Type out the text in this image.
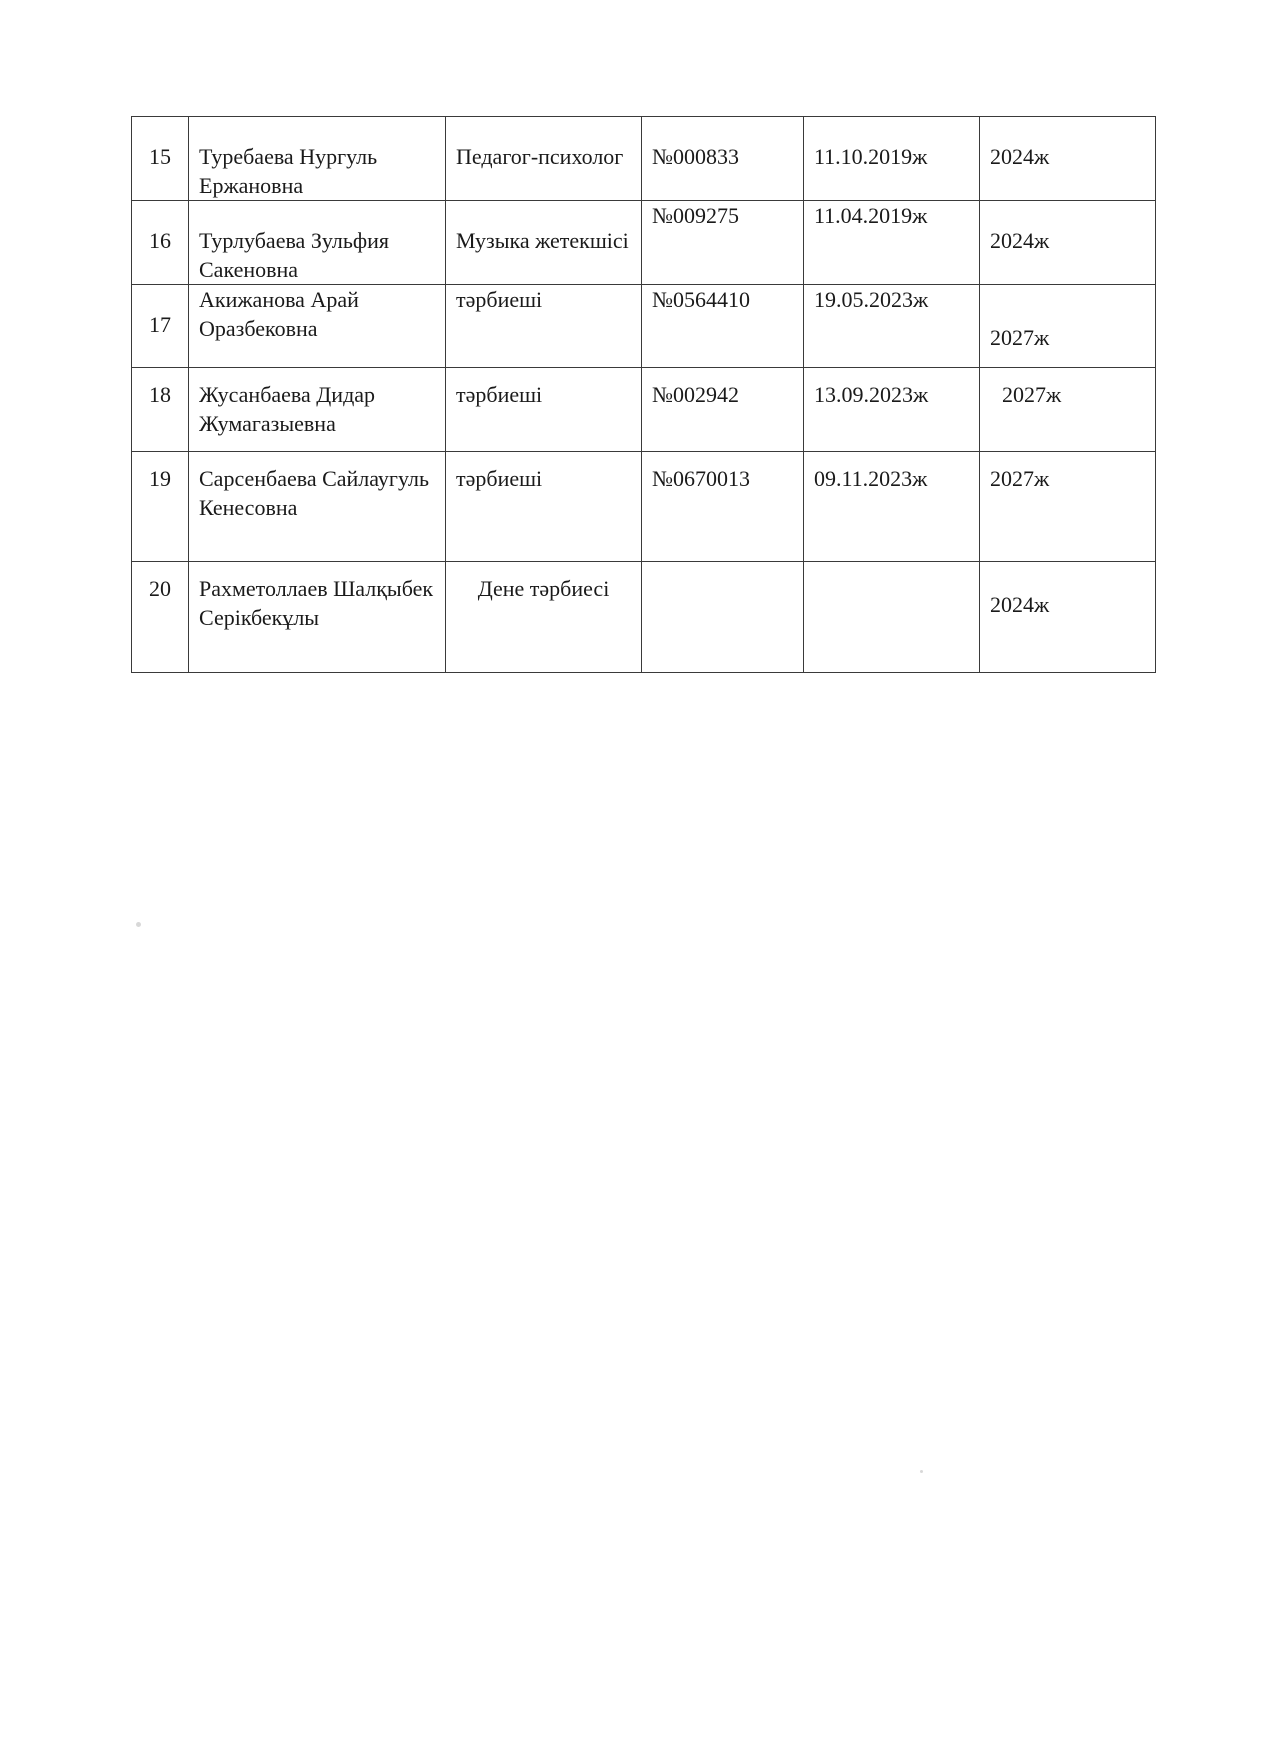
15	Туребаева Нургуль Ержановна	Педагог-психолог	№000833	11.10.2019ж	2024ж
16	Турлубаева Зульфия Сакеновна	Музыка жетекшісі	№009275	11.04.2019ж	2024ж
17	Акижанова Арай Оразбековна	тәрбиеші	№0564410	19.05.2023ж	2027ж
18	Жусанбаева Дидар Жумагазыевна	тәрбиеші	№002942	13.09.2023ж	2027ж
19	Сарсенбаева Сайлаугуль Кенесовна	тәрбиеші	№0670013	09.11.2023ж	2027ж
20	Рахметоллаев Шалқыбек Серікбекұлы	Дене тәрбиесі			2024ж
